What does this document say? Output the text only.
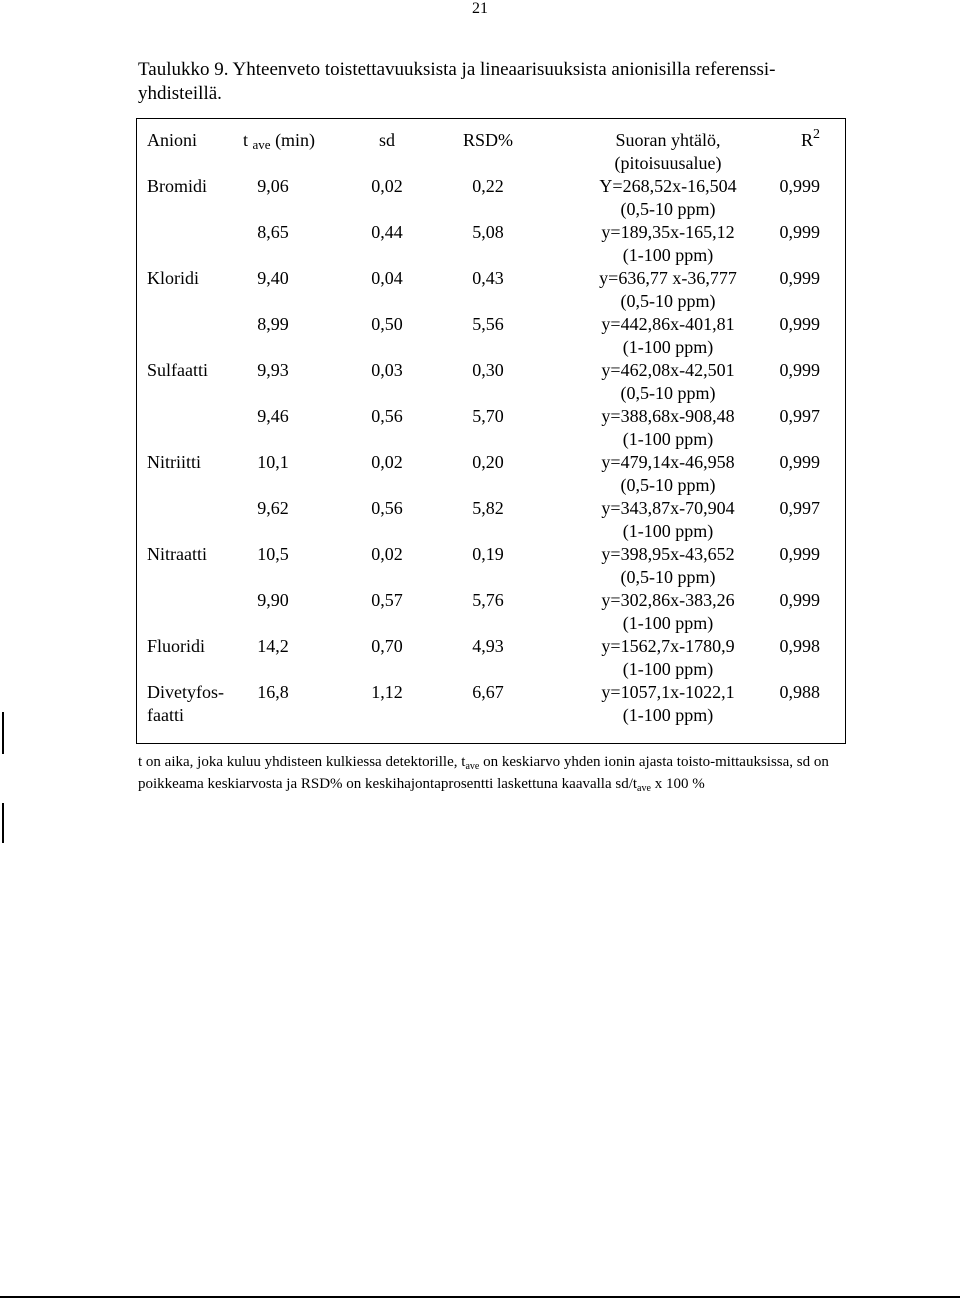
21
Taulukko 9. Yhteenveto toistettavuuksista ja lineaarisuuksista anionisilla referenssi-yhdisteillä.
Anioni	t ave (min)	sd	RSD%	Suoran yhtälö,
(pitoisuusalue)
$R^2$
Bromidi	9,06	0,02	0,22	Y=268,52x-16,504	0,999
(0,5-10 ppm)
8,65	0,44	5,08	y=189,35x-165,12	0,999
(1-100 ppm)
Kloridi	9,40	0,04	0,43	y=636,77 x-36,777	0,999
(0,5-10 ppm)
8,99	0,50	5,56	y=442,86x-401,81	0,999
(1-100 ppm)
Sulfaatti	9,93	0,03	0,30	y=462,08x-42,501	0,999
(0,5-10 ppm)
9,46	0,56	5,70	y=388,68x-908,48	0,997
(1-100 ppm)
Nitriitti	10,1	0,02	0,20	y=479,14x-46,958	0,999
(0,5-10 ppm)
9,62	0,56	5,82	y=343,87x-70,904	0,997
(1-100 ppm)
Nitraatti	10,5	0,02	0,19	y=398,95x-43,652	0,999
(0,5-10 ppm)
9,90	0,57	5,76	y=302,86x-383,26	0,999
(1-100 ppm)
Fluoridi	14,2	0,70	4,93	y=1562,7x-1780,9	0,998
(1-100 ppm)
Divetyfos-	16,8	1,12	6,67	y=1057,1x-1022,1	0,988
(1-100 ppm)
faatti
t on aika, joka kuluu yhdisteen kulkiessa detektorille, $t_{ave}$ on keskiarvo yhden ionin ajasta toisto-mittauksissa, sd on poikkeama keskiarvosta ja RSD% on keskihajontaprosentti laskettuna kaavalla $sd/t_{ave}$ x 100 %
